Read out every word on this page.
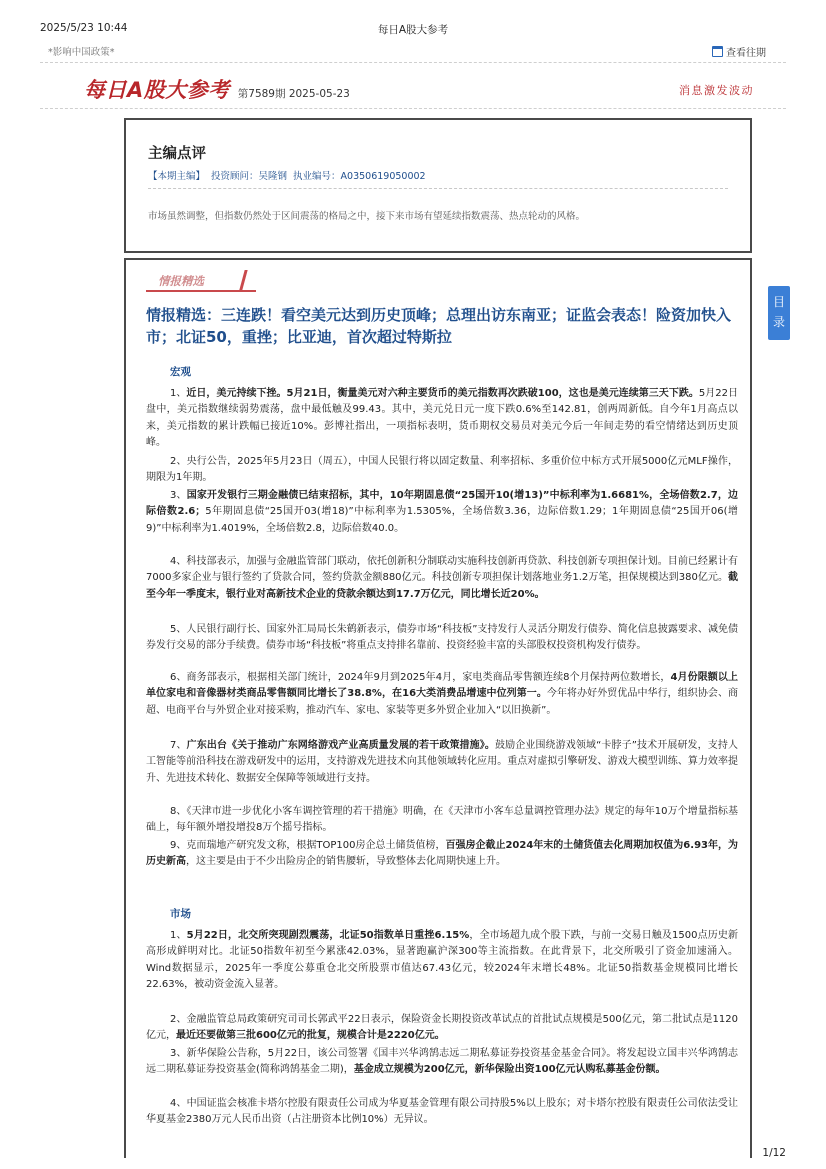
2025/5/23 10:44	每日A股大参考
*影响中国政策*	查看往期
每日A股大参考 第7589期 2025-05-23	消息激发波动
主编点评
【本期主编】 投资顾问：吴隆钢 执业编号：A0350619050002
市场虽然调整，但指数仍然处于区间震荡的格局之中，接下来市场有望延续指数震荡、热点轮动的风格。
情报精选
情报精选：三连跌！看空美元达到历史顶峰；总理出访东南亚；证监会表态！险资加快入市；北证50，重挫；比亚迪，首次超过特斯拉
宏观
1、近日，美元持续下挫。5月21日，衡量美元对六种主要货币的美元指数再次跌破100，这也是美元连续第三天下跌。5月22日盘中，美元指数继续弱势震荡，盘中最低触及99.43。其中，美元兑日元一度下跌0.6%至142.81，创两周新低。自今年1月高点以来，美元指数的累计跌幅已接近10%。彭博社指出，一项指标表明，货币期权交易员对美元今后一年间走势的看空情绪达到历史顶峰。
2、央行公告，2025年5月23日（周五），中国人民银行将以固定数量、利率招标、多重价位中标方式开展5000亿元MLF操作，期限为1年期。
3、国家开发银行三期金融债已结束招标，其中，10年期固息债“25国开10(增13)”中标利率为1.6681%，全场倍数2.7，边际倍数2.6；5年期固息债“25国开03(增18)”中标利率为1.5305%，全场倍数3.36，边际倍数1.29；1年期固息债“25国开06(增9)”中标利率为1.4019%，全场倍数2.8，边际倍数40.0。
4、科技部表示，加强与金融监管部门联动，依托创新积分制联动实施科技创新再贷款、科技创新专项担保计划。目前已经累计有7000多家企业与银行签约了贷款合同，签约贷款金额880亿元。科技创新专项担保计划落地业务1.2万笔，担保规模达到380亿元。截至今年一季度末，银行业对高新技术企业的贷款余额达到17.7万亿元，同比增长近20%。
5、人民银行副行长、国家外汇局局长朱鹤新表示，债券市场“科技板”支持发行人灵活分期发行债券、简化信息披露要求、减免债券发行交易的部分手续费。债券市场“科技板”将重点支持排名靠前、投资经验丰富的头部股权投资机构发行债券。
6、商务部表示，根据相关部门统计，2024年9月到2025年4月，家电类商品零售额连续8个月保持两位数增长，4月份限额以上单位家电和音像器材类商品零售额同比增长了38.8%，在16大类消费品增速中位列第一。今年将办好外贸优品中华行，组织协会、商超、电商平台与外贸企业对接采购，推动汽车、家电、家装等更多外贸企业加入“以旧换新”。
7、广东出台《关于推动广东网络游戏产业高质量发展的若干政策措施》。鼓励企业围绕游戏领域“卡脖子”技术开展研发，支持人工智能等前沿科技在游戏研发中的运用，支持游戏先进技术向其他领域转化应用。重点对虚拟引擎研发、游戏大模型训练、算力效率提升、先进技术转化、数据安全保障等领域进行支持。
8、《天津市进一步优化小客车调控管理的若干措施》明确，在《天津市小客车总量调控管理办法》规定的每年10万个增量指标基础上，每年额外增投增投8万个摇号指标。
9、克而瑞地产研究发文称，根据TOP100房企总土储货值榜，百强房企截止2024年末的土储货值去化周期加权值为6.93年，为历史新高，这主要是由于不少出险房企的销售腰斩，导致整体去化周期快速上升。
市场
1、5月22日，北交所突现剧烈震荡，北证50指数单日重挫6.15%，全市场超九成个股下跌，与前一交易日触及1500点历史新高形成鲜明对比。北证50指数年初至今累涨42.03%，显著跑赢沪深300等主流指数。在此背景下，北交所吸引了资金加速涌入。Wind数据显示，2025年一季度公募重仓北交所股票市值达67.43亿元，较2024年末增长48%。北证50指数基金规模同比增长22.63%，被动资金流入显著。
2、金融监管总局政策研究司司长郭武平22日表示，保险资金长期投资改革试点的首批试点规模是500亿元，第二批试点是1120亿元，最近还要做第三批600亿元的批复，规模合计是2220亿元。
3、新华保险公告称，5月22日，该公司签署《国丰兴华鸿鹄志远二期私募证券投资基金基金合同》。将发起设立国丰兴华鸿鹄志远二期私募证券投资基金(简称鸿鹄基金二期)，基金成立规模为200亿元，新华保险出资100亿元认购私募基金份额。
4、中国证监会核准卡塔尔控股有限责任公司成为华夏基金管理有限公司持股5%以上股东；对卡塔尔控股有限责任公司依法受让华夏基金2380万元人民币出资（占注册资本比例10%）无异议。
目录
1/12
